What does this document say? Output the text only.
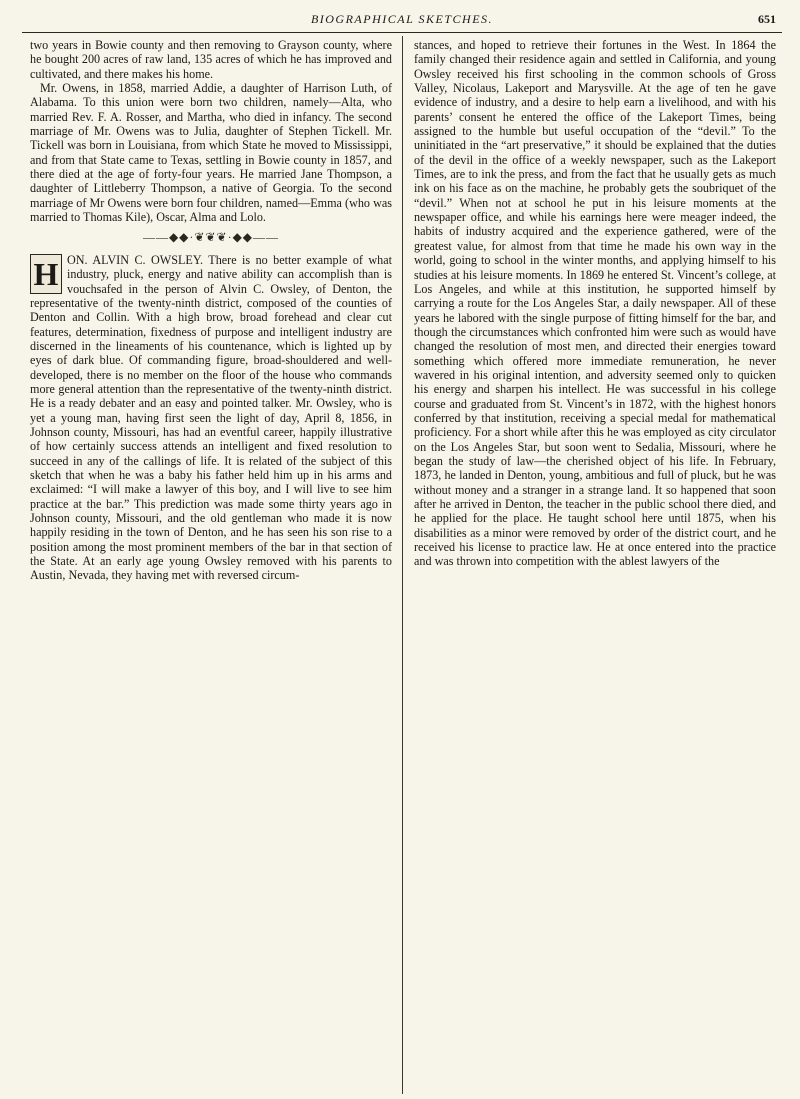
BIOGRAPHICAL SKETCHES.	651

two years in Bowie county and then removing to Grayson county, where he bought 200 acres of raw land, 135 acres of which he has improved and cultivated, and there makes his home.

Mr. Owens, in 1858, married Addie, a daughter of Harrison Luth, of Alabama. To this union were born two children, namely—Alta, who married Rev. F. A. Rosser, and Martha, who died in infancy. The second marriage of Mr. Owens was to Julia, daughter of Stephen Tickell. Mr. Tickell was born in Louisiana, from which State he moved to Mississippi, and from that State came to Texas, settling in Bowie county in 1857, and there died at the age of forty-four years. He married Jane Thompson, a daughter of Littleberry Thompson, a native of Georgia. To the second marriage of Mr Owens were born four children, named—Emma (who was married to Thomas Kile), Oscar, Alma and Lolo.

——◆◆·❦❦❦·◆◆——
H ON. ALVIN C. OWSLEY. There is no better example of what industry, pluck, energy and native ability can accomplish than is vouchsafed in the person of Alvin C. Owsley, of Denton, the representative of the twenty-ninth district, composed of the counties of Denton and Collin. With a high brow, broad forehead and clear cut features, determination, fixedness of purpose and intelligent industry are discerned in the lineaments of his countenance, which is lighted up by eyes of dark blue. Of commanding figure, broad-shouldered and well-developed, there is no member on the floor of the house who commands more general attention than the representative of the twenty-ninth district. He is a ready debater and an easy and pointed talker. Mr. Owsley, who is yet a young man, having first seen the light of day, April 8, 1856, in Johnson county, Missouri, has had an eventful career, happily illustrative of how certainly success attends an intelligent and fixed resolution to succeed in any of the callings of life. It is related of the subject of this sketch that when he was a baby his father held him up in his arms and exclaimed: “I will make a lawyer of this boy, and I will live to see him practice at the bar.” This prediction was made some thirty years ago in Johnson county, Missouri, and the old gentleman who made it is now happily residing in the town of Denton, and he has seen his son rise to a position among the most prominent members of the bar in that section of the State. At an early age young Owsley removed with his parents to Austin, Nevada, they having met with reversed circum-

stances, and hoped to retrieve their fortunes in the West. In 1864 the family changed their residence again and settled in California, and young Owsley received his first schooling in the common schools of Gross Valley, Nicolaus, Lakeport and Marysville. At the age of ten he gave evidence of industry, and a desire to help earn a livelihood, and with his parents’ consent he entered the office of the Lakeport Times, being assigned to the humble but useful occupation of the “devil.” To the uninitiated in the “art preservative,” it should be explained that the duties of the devil in the office of a weekly newspaper, such as the Lakeport Times, are to ink the press, and from the fact that he usually gets as much ink on his face as on the machine, he probably gets the soubriquet of the “devil.” When not at school he put in his leisure moments at the newspaper office, and while his earnings here were meager indeed, the habits of industry acquired and the experience gathered, were of the greatest value, for almost from that time he made his own way in the world, going to school in the winter months, and applying himself to his studies at his leisure moments. In 1869 he entered St. Vincent’s college, at Los Angeles, and while at this institution, he supported himself by carrying a route for the Los Angeles Star, a daily newspaper. All of these years he labored with the single purpose of fitting himself for the bar, and though the circumstances which confronted him were such as would have changed the resolution of most men, and directed their energies toward something which offered more immediate remuneration, he never wavered in his original intention, and adversity seemed only to quicken his energy and sharpen his intellect. He was successful in his college course and graduated from St. Vincent’s in 1872, with the highest honors conferred by that institution, receiving a special medal for mathematical proficiency. For a short while after this he was employed as city circulator on the Los Angeles Star, but soon went to Sedalia, Missouri, where he began the study of law—the cherished object of his life. In February, 1873, he landed in Denton, young, ambitious and full of pluck, but he was without money and a stranger in a strange land. It so happened that soon after he arrived in Denton, the teacher in the public school there died, and he applied for the place. He taught school here until 1875, when his disabilities as a minor were removed by order of the district court, and he received his license to practice law. He at once entered into the practice and was thrown into competition with the ablest lawyers of the
